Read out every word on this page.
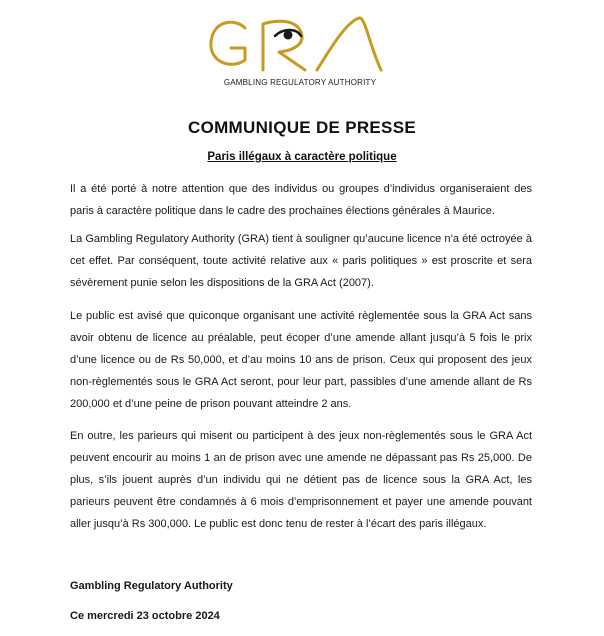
GAMBLING REGULATORY AUTHORITY
COMMUNIQUE DE PRESSE
Paris illégaux à caractère politique
Il a été porté à notre attention que des individus ou groupes d’individus organiseraient des paris à caractère politique dans le cadre des prochaines élections générales à Maurice.
La Gambling Regulatory Authority (GRA) tient à souligner qu’aucune licence n’a été octroyée à cet effet. Par conséquent, toute activité relative aux « paris politiques » est proscrite et sera sévèrement punie selon les dispositions de la GRA Act (2007).
Le public est avisé que quiconque organisant une activité règlementée sous la GRA Act sans avoir obtenu de licence au préalable, peut écoper d’une amende allant jusqu’à 5 fois le prix d’une licence ou de Rs 50,000, et d’au moins 10 ans de prison. Ceux qui proposent des jeux non-règlementés sous le GRA Act seront, pour leur part, passibles d’une amende allant de Rs 200,000 et d’une peine de prison pouvant atteindre 2 ans.
En outre, les parieurs qui misent ou participent à des jeux non-règlementés sous le GRA Act peuvent encourir au moins 1 an de prison avec une amende ne dépassant pas Rs 25,000. De plus, s’ils jouent auprès d’un individu qui ne détient pas de licence sous la GRA Act, les parieurs peuvent être condamnés à 6 mois d’emprisonnement et payer une amende pouvant aller jusqu’à Rs 300,000. Le public est donc tenu de rester à l’écart des paris illégaux.
Gambling Regulatory Authority
Ce mercredi 23 octobre 2024
